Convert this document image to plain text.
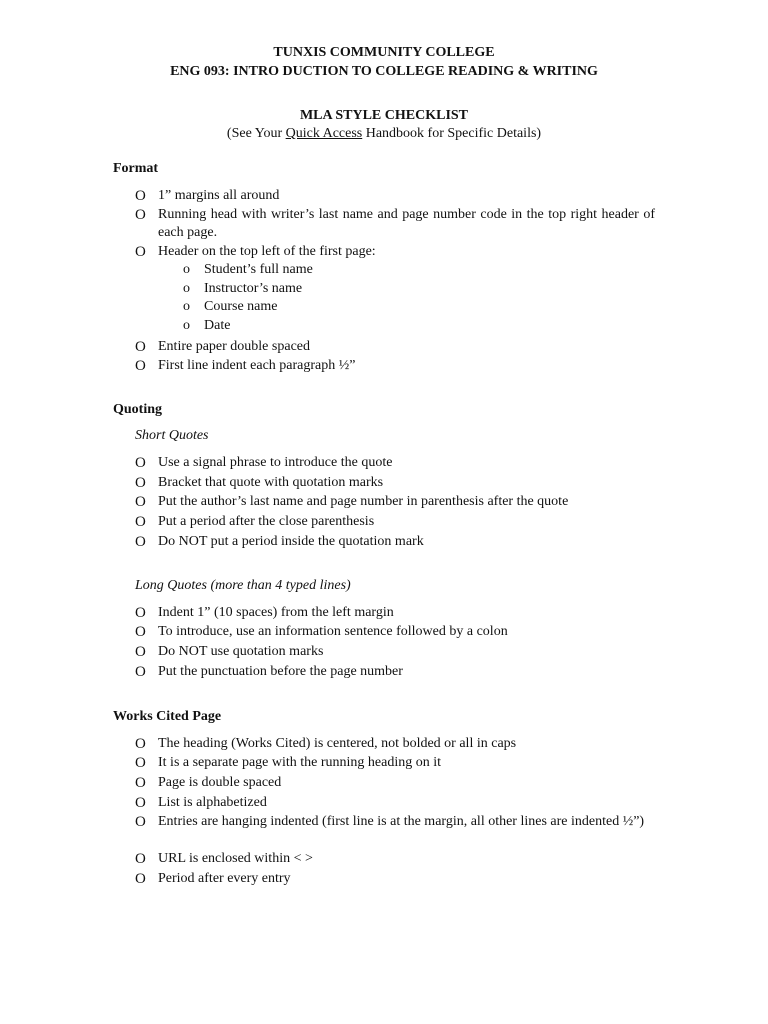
TUNXIS COMMUNITY COLLEGE
ENG 093: INTRO DUCTION TO COLLEGE READING & WRITING
MLA STYLE CHECKLIST
(See Your Quick Access Handbook for Specific Details)
Format
O 1” margins all around
O Running head with writer’s last name and page number code in the top right header of each page.
O Header on the top left of the first page:
o Student’s full name
o Instructor’s name
o Course name
o Date
O Entire paper double spaced
O First line indent each paragraph ½”
Quoting
Short Quotes
O Use a signal phrase to introduce the quote
O Bracket that quote with quotation marks
O Put the author’s last name and page number in parenthesis after the quote
O Put a period after the close parenthesis
O Do NOT put a period inside the quotation mark
Long Quotes (more than 4 typed lines)
O Indent 1” (10 spaces) from the left margin
O To introduce, use an information sentence followed by a colon
O Do NOT use quotation marks
O Put the punctuation before the page number
Works Cited Page
O The heading (Works Cited) is centered, not bolded or all in caps
O It is a separate page with the running heading on it
O Page is double spaced
O List is alphabetized
O Entries are hanging indented (first line is at the margin, all other lines are indented ½”)
O URL is enclosed within < >
O Period after every entry
